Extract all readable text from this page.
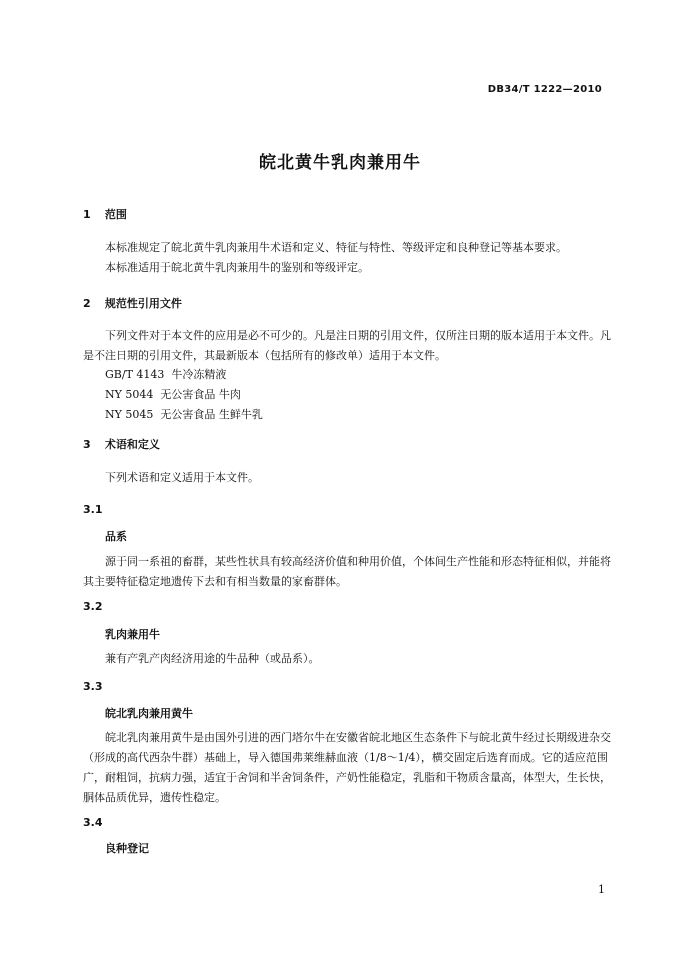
DB34/T 1222—2010
皖北黄牛乳肉兼用牛
1 范围
本标准规定了皖北黄牛乳肉兼用牛术语和定义、特征与特性、等级评定和良种登记等基本要求。
本标准适用于皖北黄牛乳肉兼用牛的鉴别和等级评定。
2 规范性引用文件
下列文件对于本文件的应用是必不可少的。凡是注日期的引用文件，仅所注日期的版本适用于本文件。凡是不注日期的引用文件，其最新版本（包括所有的修改单）适用于本文件。
GB/T 4143  牛冷冻精液
NY 5044  无公害食品 牛肉
NY 5045  无公害食品 生鲜牛乳
3 术语和定义
下列术语和定义适用于本文件。
3.1
品系
源于同一系祖的畜群，某些性状具有较高经济价值和种用价值，个体间生产性能和形态特征相似，并能将其主要特征稳定地遗传下去和有相当数量的家畜群体。
3.2
乳肉兼用牛
兼有产乳产肉经济用途的牛品种（或品系）。
3.3
皖北乳肉兼用黄牛
皖北乳肉兼用黄牛是由国外引进的西门塔尔牛在安徽省皖北地区生态条件下与皖北黄牛经过长期级进杂交（形成的高代西杂牛群）基础上，导入德国弗莱维赫血液（1/8～1/4），横交固定后选育而成。它的适应范围广，耐粗饲，抗病力强，适宜于舍饲和半舍饲条件，产奶性能稳定，乳脂和干物质含量高，体型大，生长快，胴体品质优异，遗传性稳定。
3.4
良种登记
1
